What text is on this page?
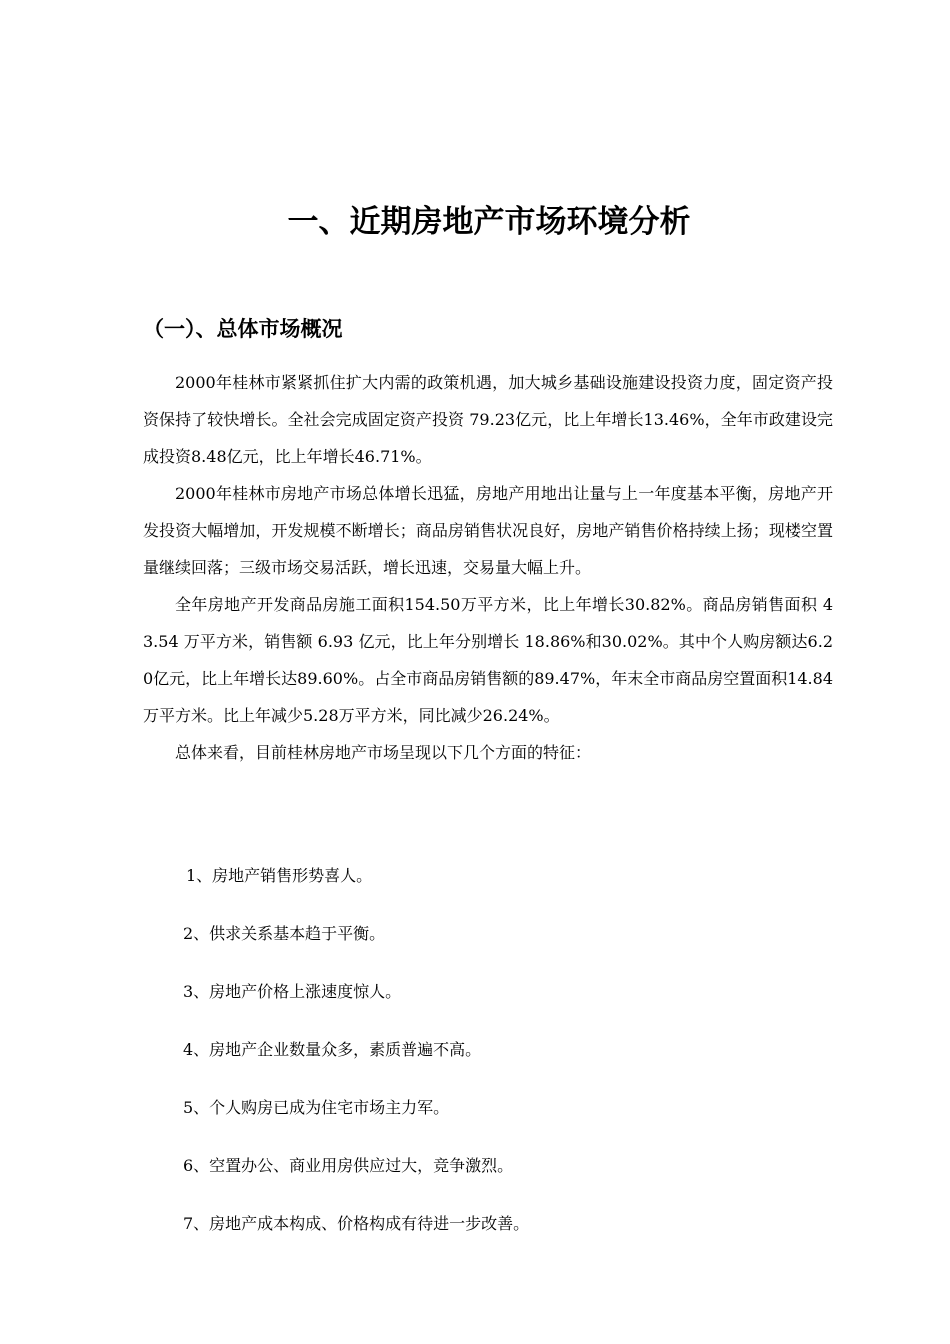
一、近期房地产市场环境分析
（一）、总体市场概况

2000年桂林市紧紧抓住扩大内需的政策机遇，加大城乡基础设施建设投资力度，固定资产投资保持了较快增长。全社会完成固定资产投资 79.23亿元，比上年增长13.46%，全年市政建设完成投资8.48亿元，比上年增长46.71%。

2000年桂林市房地产市场总体增长迅猛，房地产用地出让量与上一年度基本平衡，房地产开发投资大幅增加，开发规模不断增长；商品房销售状况良好，房地产销售价格持续上扬；现楼空置量继续回落；三级市场交易活跃，增长迅速，交易量大幅上升。

全年房地产开发商品房施工面积154.50万平方米，比上年增长30.82%。商品房销售面积 43.54 万平方米，销售额 6.93 亿元，比上年分别增长 18.86%和30.02%。其中个人购房额达6.20亿元，比上年增长达89.60%。占全市商品房销售额的89.47%，年末全市商品房空置面积14.84万平方米。比上年减少5.28万平方米，同比减少26.24%。

总体来看，目前桂林房地产市场呈现以下几个方面的特征：

1、房地产销售形势喜人。
2、供求关系基本趋于平衡。
3、房地产价格上涨速度惊人。
4、房地产企业数量众多，素质普遍不高。
5、个人购房已成为住宅市场主力军。
6、空置办公、商业用房供应过大，竞争激烈。
7、房地产成本构成、价格构成有待进一步改善。
